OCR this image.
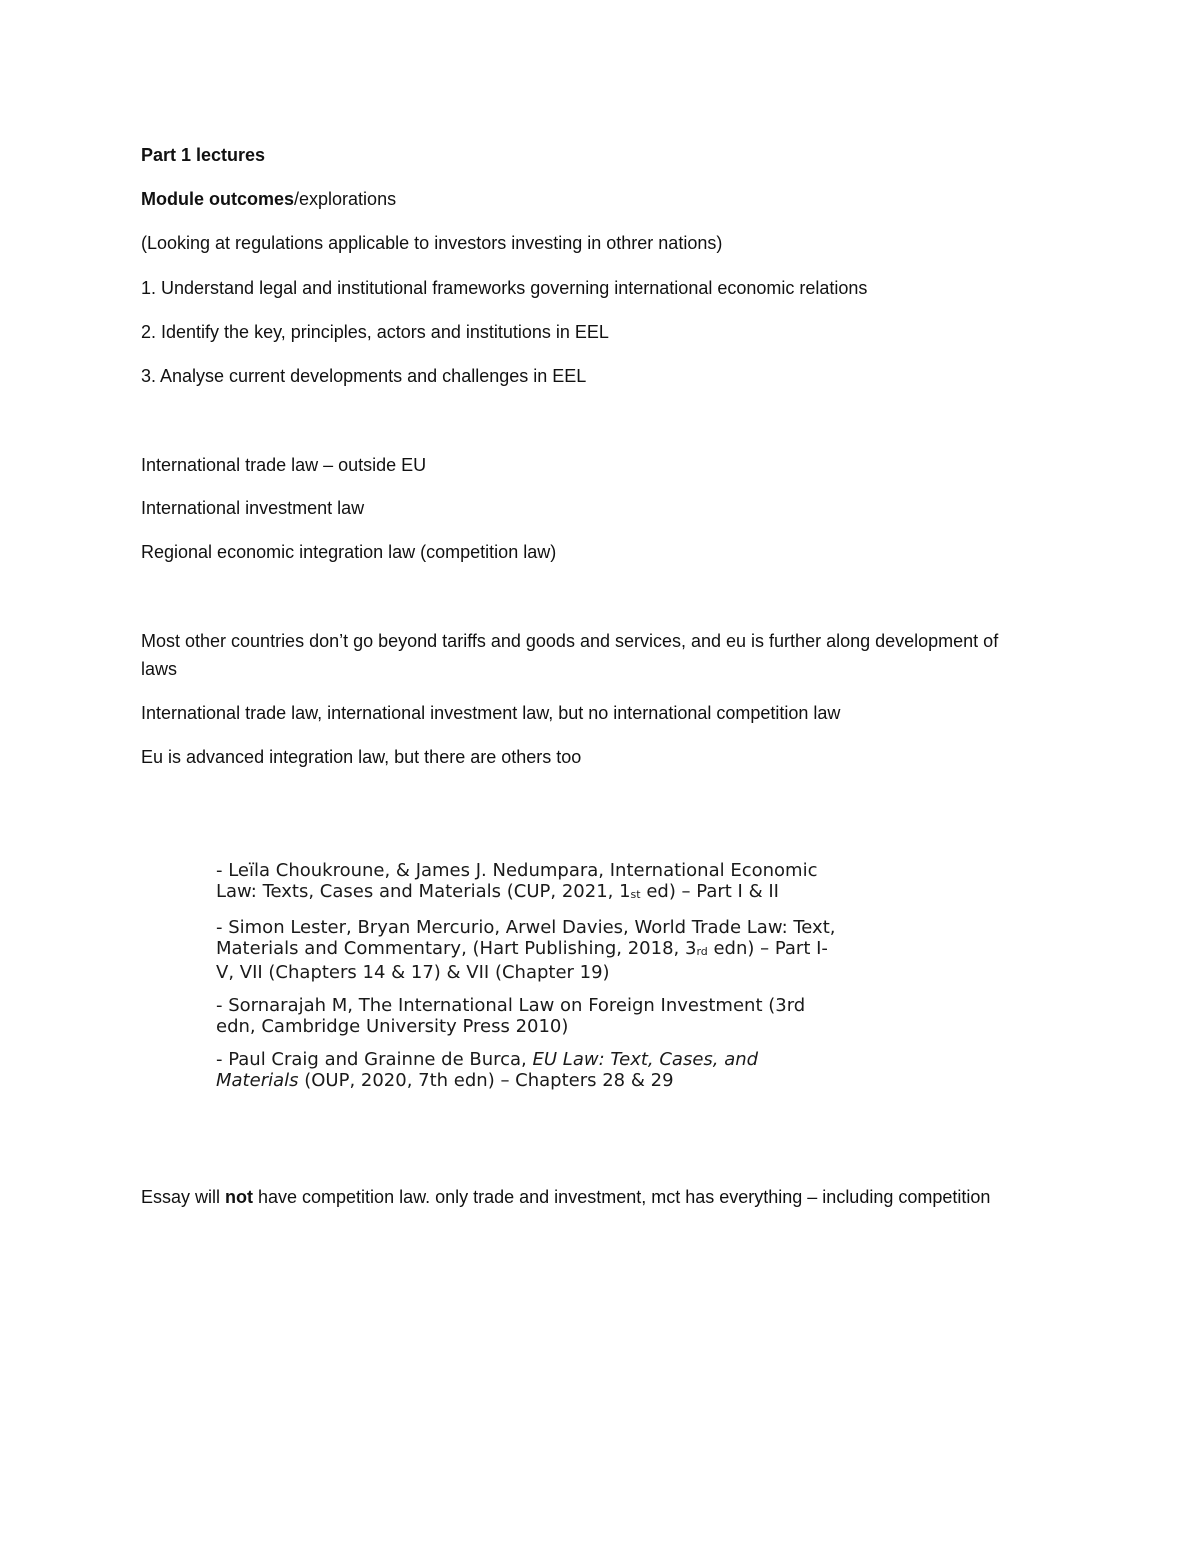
Part 1 lectures

Module outcomes/explorations

(Looking at regulations applicable to investors investing in othrer nations)

1. Understand legal and institutional frameworks governing international economic relations

2. Identify the key, principles, actors and institutions in EEL

3. Analyse current developments and challenges in EEL

International trade law – outside EU

International investment law

Regional economic integration law (competition law)

Most other countries don’t go beyond tariffs and goods and services, and eu is further along development of laws

International trade law, international investment law, but no international competition law

Eu is advanced integration law, but there are others too

- Leïla Choukroune, & James J. Nedumpara, International Economic Law: Texts, Cases and Materials (CUP, 2021, $1_{st}$ ed) – Part I & II

- Simon Lester, Bryan Mercurio, Arwel Davies, World Trade Law: Text, Materials and Commentary, (Hart Publishing, 2018, $3_{rd}$ edn) – Part I-V, VII (Chapters 14 & 17) & VII (Chapter 19)

- Sornarajah M, The International Law on Foreign Investment (3rd edn, Cambridge University Press 2010)

- Paul Craig and Grainne de Burca, EU Law: Text, Cases, and Materials (OUP, 2020, 7th edn) – Chapters 28 & 29

Essay will not have competition law. only trade and investment, mct has everything – including competition
